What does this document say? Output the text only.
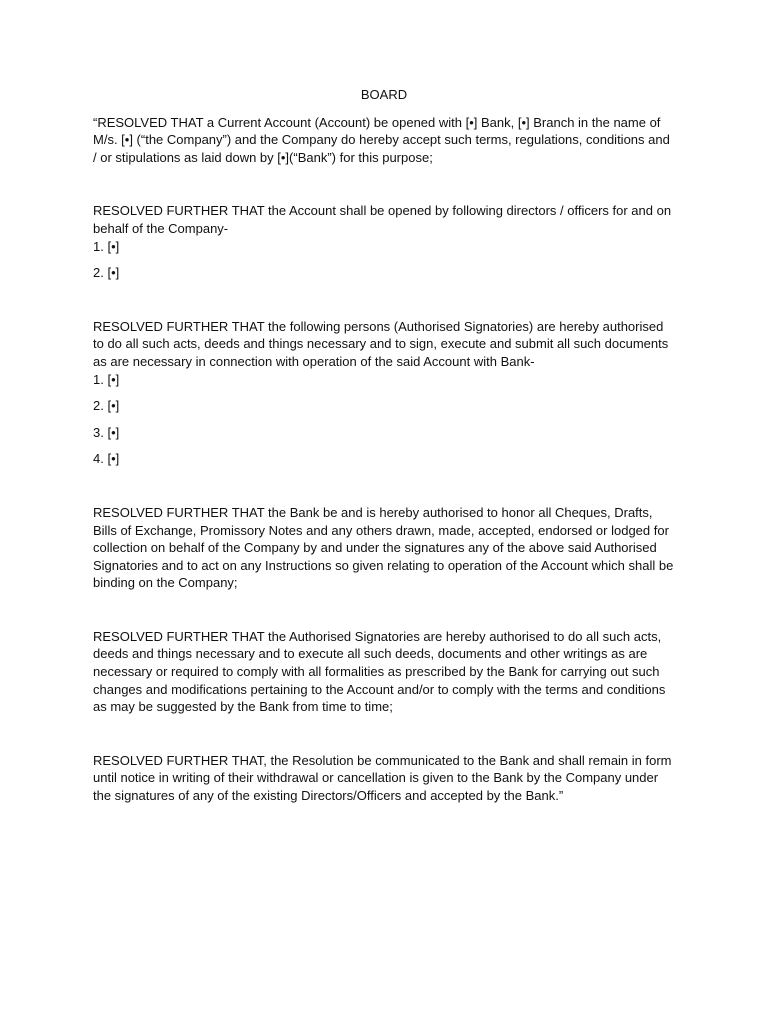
BOARD

“RESOLVED THAT a Current Account (Account) be opened with [•] Bank, [•] Branch in the name of M/s. [•] (“the Company”) and the Company do hereby accept such terms, regulations, conditions and / or stipulations as laid down by [•](“Bank”) for this purpose;

RESOLVED FURTHER THAT the Account shall be opened by following directors / officers for and on behalf of the Company-

1. [•]
2. [•]

RESOLVED FURTHER THAT the following persons (Authorised Signatories) are hereby authorised to do all such acts, deeds and things necessary and to sign, execute and submit all such documents as are necessary in connection with operation of the said Account with Bank-

1. [•]
2. [•]
3. [•]
4. [•]

RESOLVED FURTHER THAT the Bank be and is hereby authorised to honor all Cheques, Drafts, Bills of Exchange, Promissory Notes and any others drawn, made, accepted, endorsed or lodged for collection on behalf of the Company by and under the signatures any of the above said Authorised Signatories and to act on any Instructions so given relating to operation of the Account which shall be binding on the Company;

RESOLVED FURTHER THAT the Authorised Signatories are hereby authorised to do all such acts, deeds and things necessary and to execute all such deeds, documents and other writings as are necessary or required to comply with all formalities as prescribed by the Bank for carrying out such changes and modifications pertaining to the Account and/or to comply with the terms and conditions as may be suggested by the Bank from time to time;

RESOLVED FURTHER THAT, the Resolution be communicated to the Bank and shall remain in form until notice in writing of their withdrawal or cancellation is given to the Bank by the Company under the signatures of any of the existing Directors/Officers and accepted by the Bank.”
